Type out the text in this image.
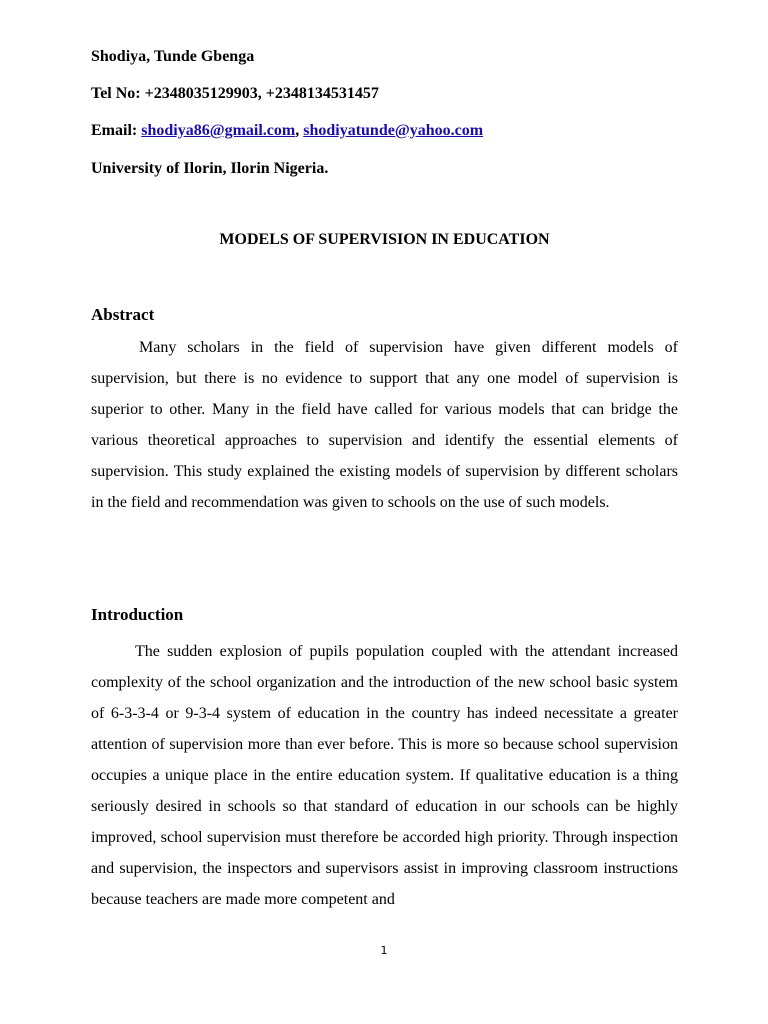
Shodiya, Tunde Gbenga
Tel No: +2348035129903, +2348134531457
Email: shodiya86@gmail.com, shodiyatunde@yahoo.com
University of Ilorin, Ilorin Nigeria.
MODELS OF SUPERVISION IN EDUCATION
Abstract

Many scholars in the field of supervision have given different models of supervision, but there is no evidence to support that any one model of supervision is superior to other. Many in the field have called for various models that can bridge the various theoretical approaches to supervision and identify the essential elements of supervision. This study explained the existing models of supervision by different scholars in the field and recommendation was given to schools on the use of such models.

Introduction

The sudden explosion of pupils population coupled with the attendant increased complexity of the school organization and the introduction of the new school basic system of 6-3-3-4 or 9-3-4 system of education in the country has indeed necessitate a greater attention of supervision more than ever before. This is more so because school supervision occupies a unique place in the entire education system. If qualitative education is a thing seriously desired in schools so that standard of education in our schools can be highly improved, school supervision must therefore be accorded high priority. Through inspection and supervision, the inspectors and supervisors assist in improving classroom instructions because teachers are made more competent and

1
